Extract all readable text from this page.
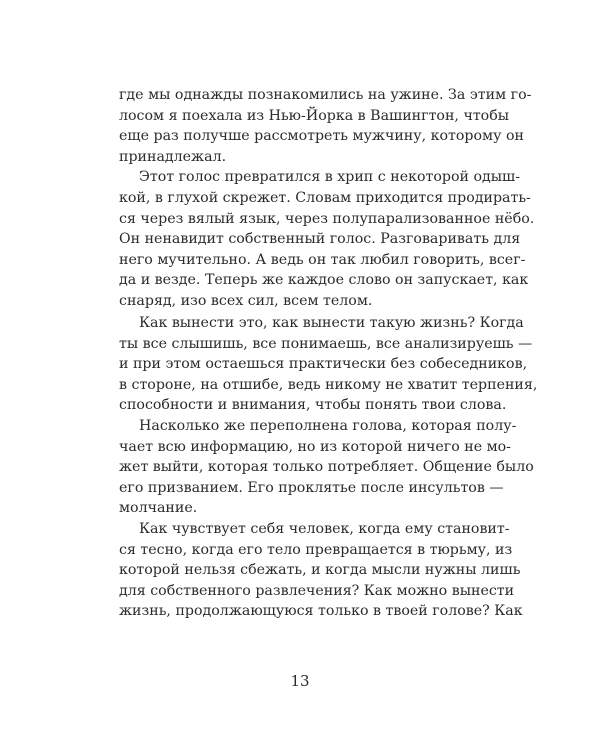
где мы однажды познакомились на ужине. За этим го-
лосом я поехала из Нью-Йорка в Вашингтон, чтобы
еще раз получше рассмотреть мужчину, которому он
принадлежал.
Этот голос превратился в хрип с некоторой одыш-
кой, в глухой скрежет. Словам приходится продирать-
ся через вялый язык, через полупарализованное нёбо.
Он ненавидит собственный голос. Разговаривать для
него мучительно. А ведь он так любил говорить, всег-
да и везде. Теперь же каждое слово он запускает, как
снаряд, изо всех сил, всем телом.
Как вынести это, как вынести такую жизнь? Когда
ты все слышишь, все понимаешь, все анализируешь —
и при этом остаешься практически без собеседников,
в стороне, на отшибе, ведь никому не хватит терпения,
способности и внимания, чтобы понять твои слова.
Насколько же переполнена голова, которая полу-
чает всю информацию, но из которой ничего не мо-
жет выйти, которая только потребляет. Общение было
его призванием. Его проклятье после инсультов —
молчание.
Как чувствует себя человек, когда ему становит-
ся тесно, когда его тело превращается в тюрьму, из
которой нельзя сбежать, и когда мысли нужны лишь
для собственного развлечения? Как можно вынести
жизнь, продолжающуюся только в твоей голове? Как
13
